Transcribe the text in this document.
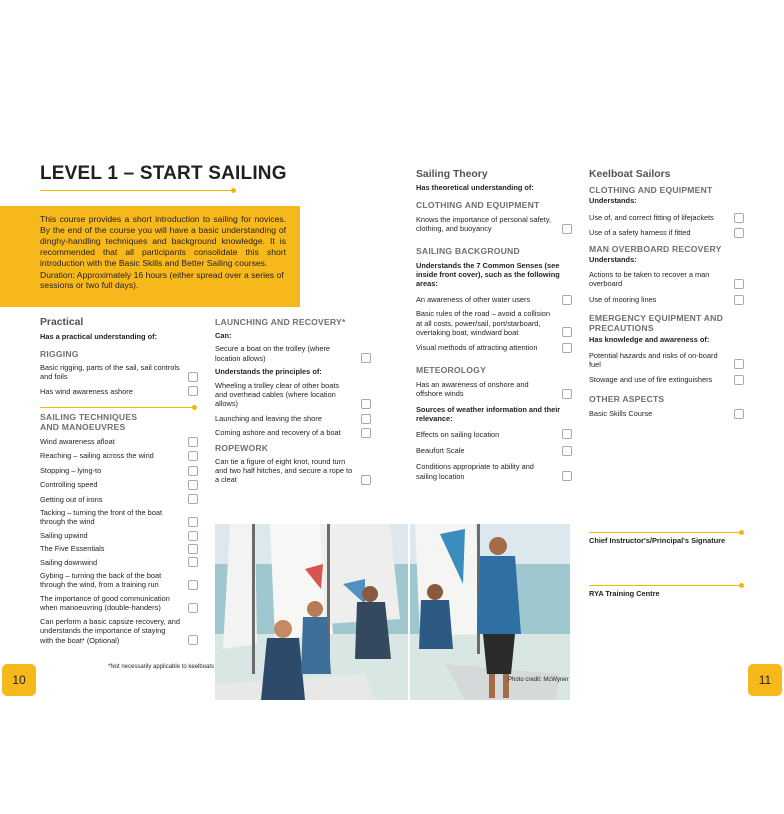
LEVEL 1 – START SAILING

This course provides a short introduction to sailing for novices. By the end of the course you will have a basic understanding of dinghy-handling techniques and background knowledge. It is recommended that all participants consolidate this short introduction with the Basic Skills and Better Sailing courses.

Duration: Approximately 16 hours (either spread over a series of sessions or two full days).

Practical
Has a practical understanding of:
RIGGING
Basic rigging, parts of the sail, sail controls and foils
Has wind awareness ashore
SAILING TECHNIQUES AND MANOEUVRES
Wind awareness afloat
Reaching – sailing across the wind
Stopping – lying-to
Controlling speed
Getting out of irons
Tacking – turning the front of the boat through the wind
Sailing upwind
The Five Essentials
Sailing downwind
Gybing – turning the back of the boat through the wind, from a training run
The importance of good communication when manoeuvring (double-handers)
Can perform a basic capsize recovery, and understands the importance of staying with the boat* (Optional)
*Not necessarily applicable to keelboats
LAUNCHING AND RECOVERY*
Can:
Secure a boat on the trolley (where location allows)
Understands the principles of:
Wheeling a trolley clear of other boats and overhead cables (where location allows)
Launching and leaving the shore
Coming ashore and recovery of a boat
ROPEWORK
Can tie a figure of eight knot, round turn and two half hitches, and secure a rope to a cleat
Sailing Theory
Has theoretical understanding of:
CLOTHING AND EQUIPMENT
Knows the importance of personal safety, clothing, and buoyancy
SAILING BACKGROUND
Understands the 7 Common Senses (see inside front cover), such as the following areas:
An awareness of other water users
Basic rules of the road – avoid a collision at all costs, power/sail, port/starboard, overtaking boat, windward boat
Visual methods of attracting attention
METEOROLOGY
Has an awareness of onshore and offshore winds
Sources of weather information and their relevance:
Effects on sailing location
Beaufort Scale
Conditions appropriate to ability and sailing location
Keelboat Sailors
CLOTHING AND EQUIPMENT
Understands:
Use of, and correct fitting of lifejackets
Use of a safety harness if fitted
MAN OVERBOARD RECOVERY
Understands:
Actions to be taken to recover a man overboard
Use of mooring lines
EMERGENCY EQUIPMENT AND PRECAUTIONS
Has knowledge and awareness of:
Potential hazards and risks of on-board fuel
Stowage and use of fire extinguishers
OTHER ASPECTS
Basic Skills Course
Chief Instructor's/Principal's Signature
RYA Training Centre
Photo credit: McWyner
10	11
